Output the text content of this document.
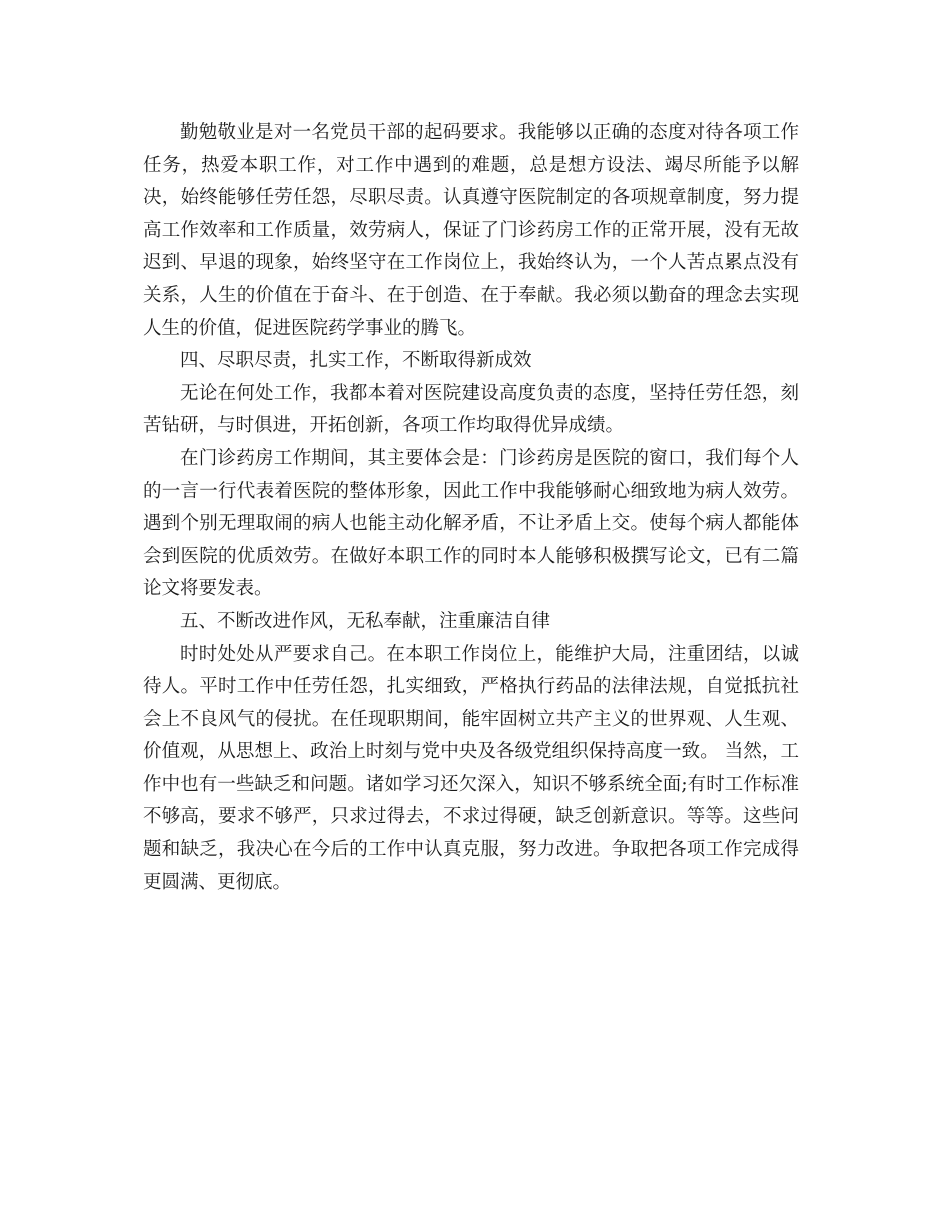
勤勉敬业是对一名党员干部的起码要求。我能够以正确的态度对待各项工作任务，热爱本职工作，对工作中遇到的难题，总是想方设法、竭尽所能予以解决，始终能够任劳任怨，尽职尽责。认真遵守医院制定的各项规章制度，努力提高工作效率和工作质量，效劳病人，保证了门诊药房工作的正常开展，没有无故迟到、早退的现象，始终坚守在工作岗位上，我始终认为，一个人苦点累点没有关系，人生的价值在于奋斗、在于创造、在于奉献。我必须以勤奋的理念去实现人生的价值，促进医院药学事业的腾飞。

四、尽职尽责，扎实工作，不断取得新成效

无论在何处工作，我都本着对医院建设高度负责的态度，坚持任劳任怨，刻苦钻研，与时俱进，开拓创新，各项工作均取得优异成绩。

在门诊药房工作期间，其主要体会是：门诊药房是医院的窗口，我们每个人的一言一行代表着医院的整体形象，因此工作中我能够耐心细致地为病人效劳。遇到个别无理取闹的病人也能主动化解矛盾，不让矛盾上交。使每个病人都能体会到医院的优质效劳。在做好本职工作的同时本人能够积极撰写论文，已有二篇论文将要发表。

五、不断改进作风，无私奉献，注重廉洁自律

时时处处从严要求自己。在本职工作岗位上，能维护大局，注重团结，以诚待人。平时工作中任劳任怨，扎实细致，严格执行药品的法律法规，自觉抵抗社会上不良风气的侵扰。在任现职期间，能牢固树立共产主义的世界观、人生观、价值观，从思想上、政治上时刻与党中央及各级党组织保持高度一致。 当然，工作中也有一些缺乏和问题。诸如学习还欠深入，知识不够系统全面;有时工作标准不够高，要求不够严，只求过得去，不求过得硬，缺乏创新意识。等等。这些问题和缺乏，我决心在今后的工作中认真克服，努力改进。争取把各项工作完成得更圆满、更彻底。
